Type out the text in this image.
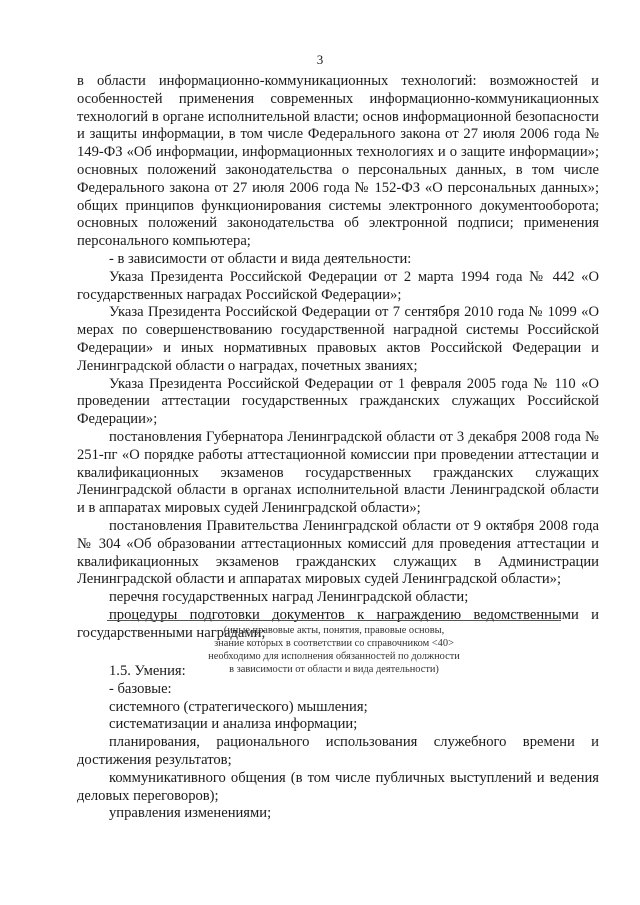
3

в области информационно-коммуникационных технологий: возможностей и особенностей применения современных информационно-коммуникационных технологий в органе исполнительной власти; основ информационной безопасности и защиты информации, в том числе Федерального закона от 27 июля 2006 года № 149-ФЗ «Об информации, информационных технологиях и о защите информации»; основных положений законодательства о персональных данных, в том числе Федерального закона от 27 июля 2006 года № 152-ФЗ «О персональных данных»; общих принципов функционирования системы электронного документооборота; основных положений законодательства об электронной подписи; применения персонального компьютера;

- в зависимости от области и вида деятельности:

Указа Президента Российской Федерации от 2 марта 1994 года № 442 «О государственных наградах Российской Федерации»;

Указа Президента Российской Федерации от 7 сентября 2010 года № 1099 «О мерах по совершенствованию государственной наградной системы Российской Федерации» и иных нормативных правовых актов Российской Федерации и Ленинградской области о наградах, почетных званиях;

Указа Президента Российской Федерации от 1 февраля 2005 года № 110 «О проведении аттестации государственных гражданских служащих Российской Федерации»;

постановления Губернатора Ленинградской области от 3 декабря 2008 года № 251-пг «О порядке работы аттестационной комиссии при проведении аттестации и квалификационных экзаменов государственных гражданских служащих Ленинградской области в органах исполнительной власти Ленинградской области и в аппаратах мировых судей Ленинградской области»;

постановления Правительства Ленинградской области от 9 октября 2008 года № 304 «Об образовании аттестационных комиссий для проведения аттестации и квалификационных экзаменов гражданских служащих в Администрации Ленинградской области и аппаратах мировых судей Ленинградской области»;

перечня государственных наград Ленинградской области;

процедуры подготовки документов к награждению ведомственными и государственными наградами;

(иные правовые акты, понятия, правовые основы,
знание которых в соответствии со справочником <40>
необходимо для исполнения обязанностей по должности
в зависимости от области и вида деятельности)

1.5. Умения:

- базовые:

системного (стратегического) мышления;

систематизации и анализа информации;

планирования, рационального использования служебного времени и достижения результатов;

коммуникативного общения (в том числе публичных выступлений и ведения деловых переговоров);

управления изменениями;
